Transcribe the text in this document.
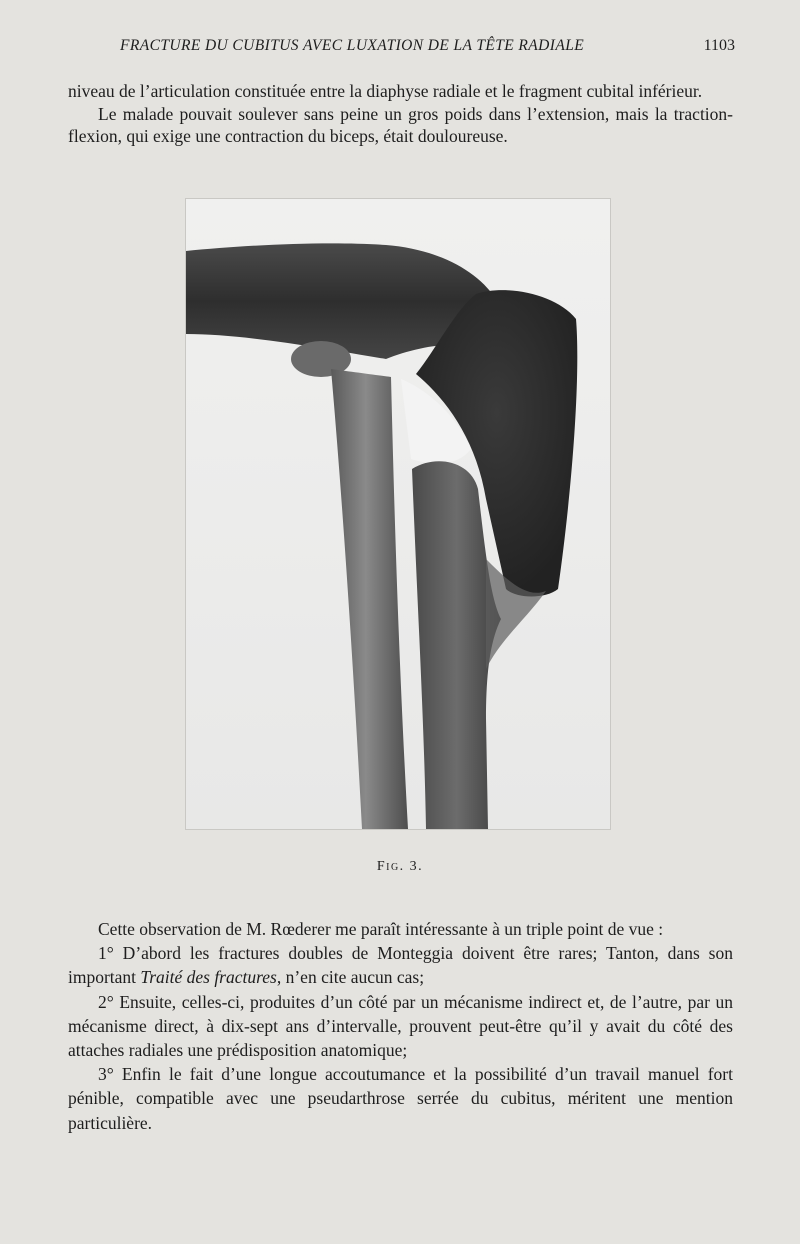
FRACTURE DU CUBITUS AVEC LUXATION DE LA TÊTE RADIALE	1103

niveau de l’articulation constituée entre la diaphyse radiale et le fragment cubital inférieur.

Le malade pouvait soulever sans peine un gros poids dans l’extension, mais la traction-flexion, qui exige une contraction du biceps, était douloureuse.

Fig. 3.

Cette observation de M. Rœderer me paraît intéressante à un triple point de vue :

1° D’abord les fractures doubles de Monteggia doivent être rares; Tanton, dans son important Traité des fractures, n’en cite aucun cas;

2° Ensuite, celles-ci, produites d’un côté par un mécanisme indirect et, de l’autre, par un mécanisme direct, à dix-sept ans d’intervalle, prouvent peut-être qu’il y avait du côté des attaches radiales une prédisposition anatomique;

3° Enfin le fait d’une longue accoutumance et la possibilité d’un travail manuel fort pénible, compatible avec une pseudarthrose serrée du cubitus, méritent une mention particulière.
